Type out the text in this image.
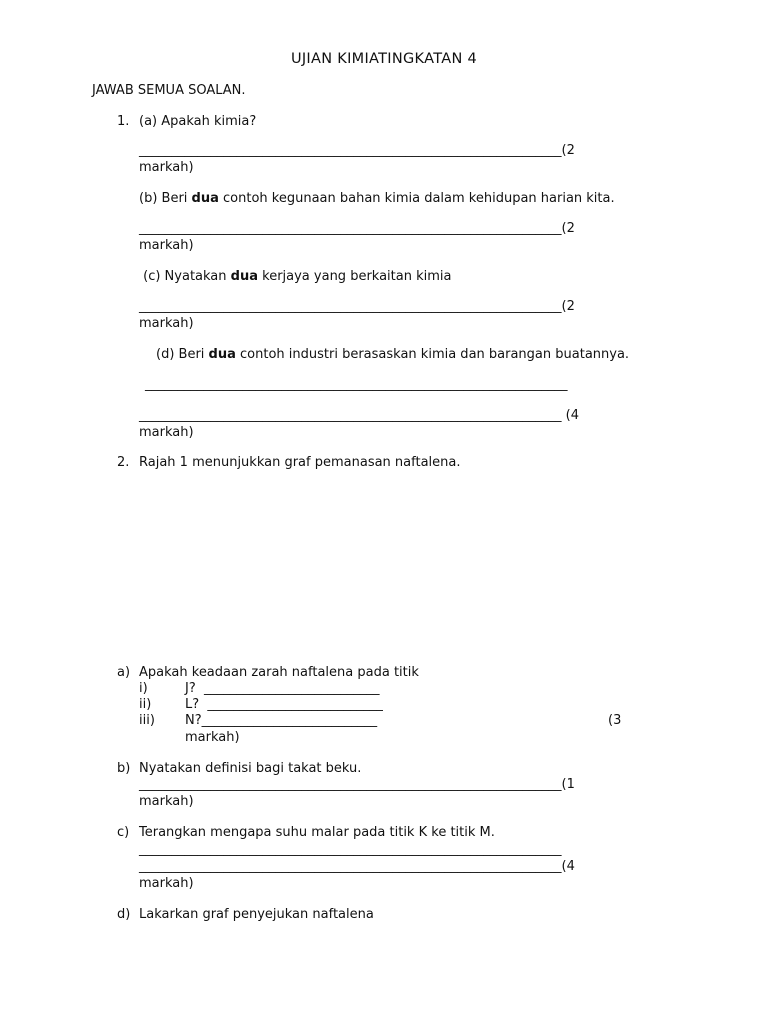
UJIAN KIMIATINGKATAN 4
JAWAB SEMUA SOALAN.
1. (a) Apakah kimia?
_________________________________________________________________(2
markah)
(b) Beri dua contoh kegunaan bahan kimia dalam kehidupan harian kita.
_________________________________________________________________(2
markah)
(c) Nyatakan dua kerjaya yang berkaitan kimia
_________________________________________________________________(2
markah)
(d) Beri dua contoh industri berasaskan kimia dan barangan buatannya.
_________________________________________________________________
_________________________________________________________________ (4
markah)
2. Rajah 1 menunjukkan graf pemanasan naftalena.
a) Apakah keadaan zarah naftalena pada titik
i)	J?  ___________________________
ii)	L?  ___________________________
iii) N?___________________________	(3
markah)
b) Nyatakan definisi bagi takat beku.
_________________________________________________________________(1
markah)
c) Terangkan mengapa suhu malar pada titik K ke titik M.
_________________________________________________________________
_________________________________________________________________(4
markah)
d) Lakarkan graf penyejukan naftalena
